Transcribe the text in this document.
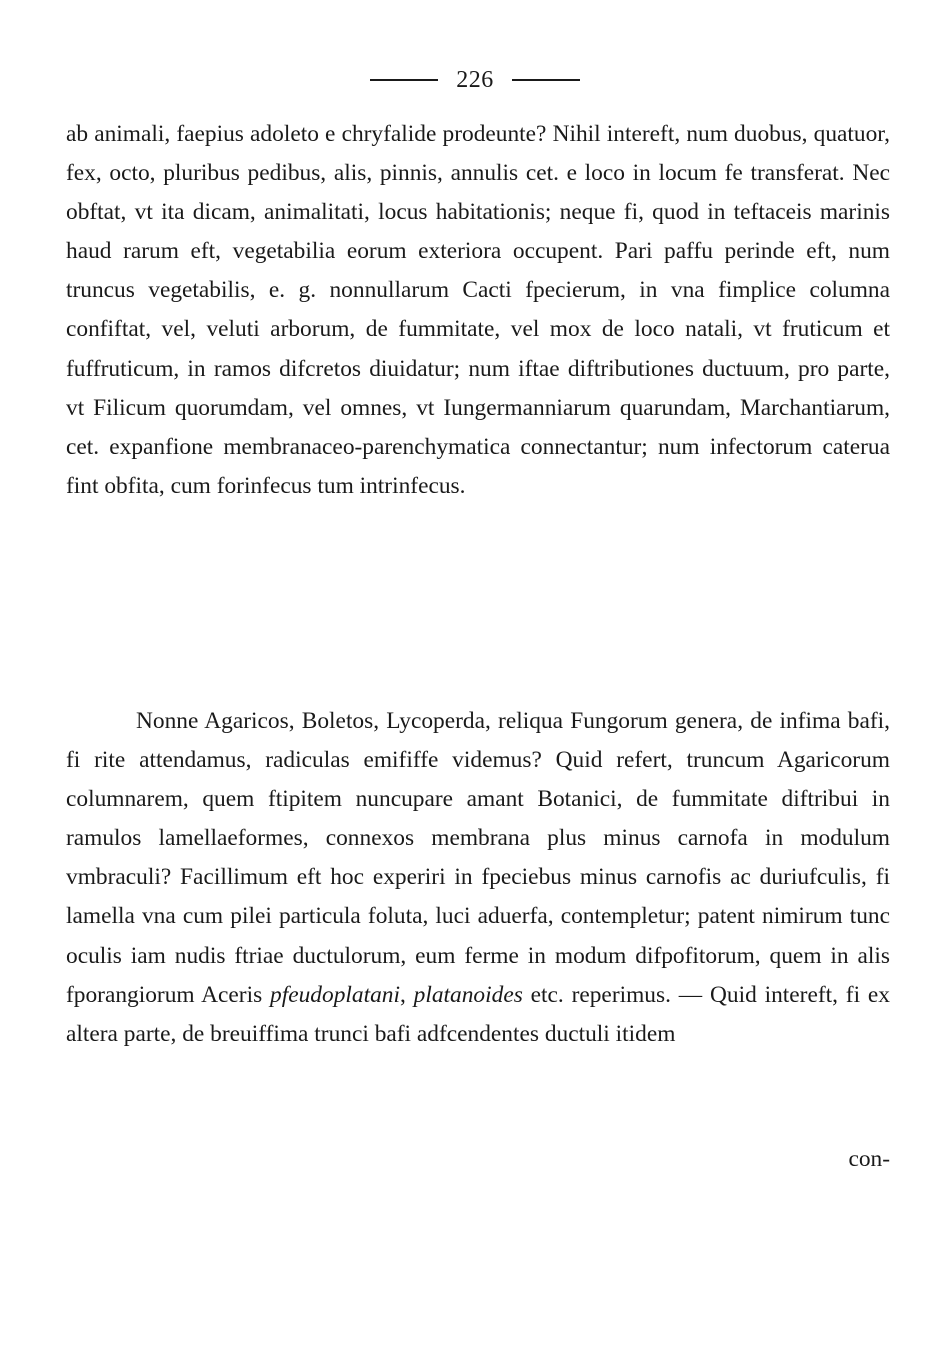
226

ab animali, faepius adoleto e chryfalide prodeunte? Nihil intereft, num duobus, quatuor, fex, octo, pluribus pedibus, alis, pinnis, annulis cet. e loco in locum fe transferat. Nec obftat, vt ita dicam, animalitati, locus habitationis; neque fi, quod in teftaceis marinis haud rarum eft, vegetabilia eorum exteriora occupent. Pari paffu perinde eft, num truncus vegetabilis, e. g. nonnullarum Cacti fpecierum, in vna fimplice columna confiftat, vel, veluti arborum, de fummitate, vel mox de loco natali, vt fruticum et fuffruticum, in ramos difcretos diuidatur; num iftae diftributiones ductuum, pro parte, vt Filicum quorumdam, vel omnes, vt Iungermanniarum quarundam, Marchantiarum, cet. expanfione membranaceo-parenchymatica connectantur; num infectorum caterua fint obfita, cum forinfecus tum intrinfecus.

Nonne Agaricos, Boletos, Lycoperda, reliqua Fungorum genera, de infima bafi, fi rite attendamus, radiculas emififfe videmus? Quid refert, truncum Agaricorum columnarem, quem ftipitem nuncupare amant Botanici, de fummitate diftribui in ramulos lamellaeformes, connexos membrana plus minus carnofa in modulum vmbraculi? Facillimum eft hoc experiri in fpeciebus minus carnofis ac duriufculis, fi lamella vna cum pilei particula foluta, luci aduerfa, contempletur; patent nimirum tunc oculis iam nudis ftriae ductulorum, eum ferme in modum difpofitorum, quem in alis fporangiorum Aceris pfeudoplatani, platanoides etc. reperimus. — Quid intereft, fi ex altera parte, de breuiffima trunci bafi adfcendentes ductuli itidem

con-
